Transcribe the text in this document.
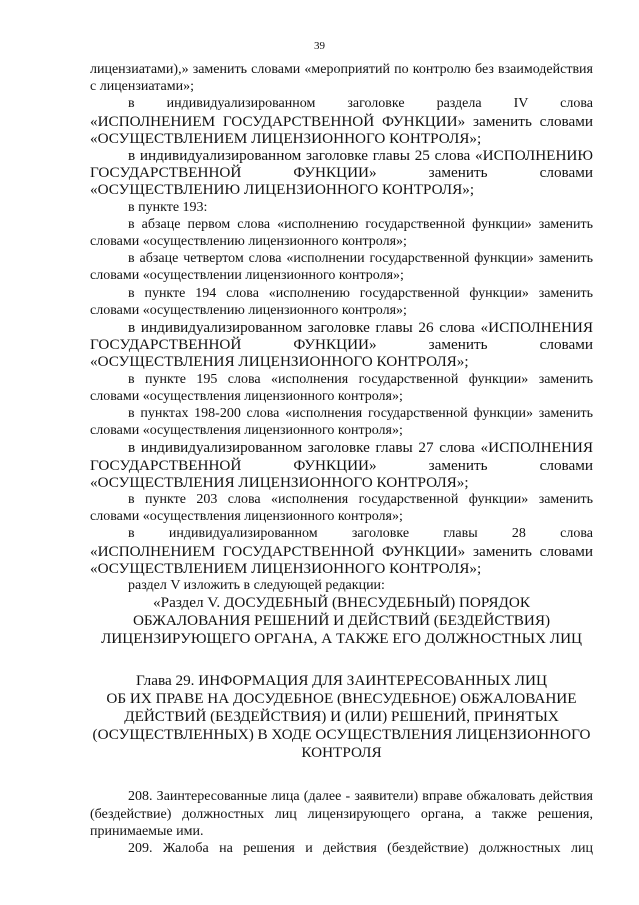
39

лицензиатами),» заменить словами «мероприятий по контролю без взаимодействия с лицензиатами»;

в индивидуализированном заголовке раздела IV слова

«ИСПОЛНЕНИЕМ ГОСУДАРСТВЕННОЙ ФУНКЦИИ» заменить словами «ОСУЩЕСТВЛЕНИЕМ ЛИЦЕНЗИОННОГО КОНТРОЛЯ»;

в индивидуализированном заголовке главы 25 слова «ИСПОЛНЕНИЮ ГОСУДАРСТВЕННОЙ ФУНКЦИИ» заменить словами «ОСУЩЕСТВЛЕНИЮ ЛИЦЕНЗИОННОГО КОНТРОЛЯ»;

в пункте 193:

в абзаце первом слова «исполнению государственной функции» заменить словами «осуществлению лицензионного контроля»;

в абзаце четвертом слова «исполнении государственной функции» заменить словами «осуществлении лицензионного контроля»;

в пункте 194 слова «исполнению государственной функции» заменить словами «осуществлению лицензионного контроля»;

в индивидуализированном заголовке главы 26 слова «ИСПОЛНЕНИЯ ГОСУДАРСТВЕННОЙ ФУНКЦИИ» заменить словами «ОСУЩЕСТВЛЕНИЯ ЛИЦЕНЗИОННОГО КОНТРОЛЯ»;

в пункте 195 слова «исполнения государственной функции» заменить словами «осуществления лицензионного контроля»;

в пунктах 198-200 слова «исполнения государственной функции» заменить словами «осуществления лицензионного контроля»;

в индивидуализированном заголовке главы 27 слова «ИСПОЛНЕНИЯ ГОСУДАРСТВЕННОЙ ФУНКЦИИ» заменить словами «ОСУЩЕСТВЛЕНИЯ ЛИЦЕНЗИОННОГО КОНТРОЛЯ»;

в пункте 203 слова «исполнения государственной функции» заменить словами «осуществления лицензионного контроля»;

в индивидуализированном заголовке главы 28 слова

«ИСПОЛНЕНИЕМ ГОСУДАРСТВЕННОЙ ФУНКЦИИ» заменить словами «ОСУЩЕСТВЛЕНИЕМ ЛИЦЕНЗИОННОГО КОНТРОЛЯ»;

раздел V изложить в следующей редакции:

«Раздел V. ДОСУДЕБНЫЙ (ВНЕСУДЕБНЫЙ) ПОРЯДОК

ОБЖАЛОВАНИЯ РЕШЕНИЙ И ДЕЙСТВИЙ (БЕЗДЕЙСТВИЯ)

ЛИЦЕНЗИРУЮЩЕГО ОРГАНА, А ТАКЖЕ ЕГО ДОЛЖНОСТНЫХ ЛИЦ

Глава 29. ИНФОРМАЦИЯ ДЛЯ ЗАИНТЕРЕСОВАННЫХ ЛИЦ

ОБ ИХ ПРАВЕ НА ДОСУДЕБНОЕ (ВНЕСУДЕБНОЕ) ОБЖАЛОВАНИЕ

ДЕЙСТВИЙ (БЕЗДЕЙСТВИЯ) И (ИЛИ) РЕШЕНИЙ, ПРИНЯТЫХ

(ОСУЩЕСТВЛЕННЫХ) В ХОДЕ ОСУЩЕСТВЛЕНИЯ ЛИЦЕНЗИОННОГО

КОНТРОЛЯ

208. Заинтересованные лица (далее - заявители) вправе обжаловать действия (бездействие) должностных лиц лицензирующего органа, а также решения, принимаемые ими.

209. Жалоба на решения и действия (бездействие) должностных лиц
